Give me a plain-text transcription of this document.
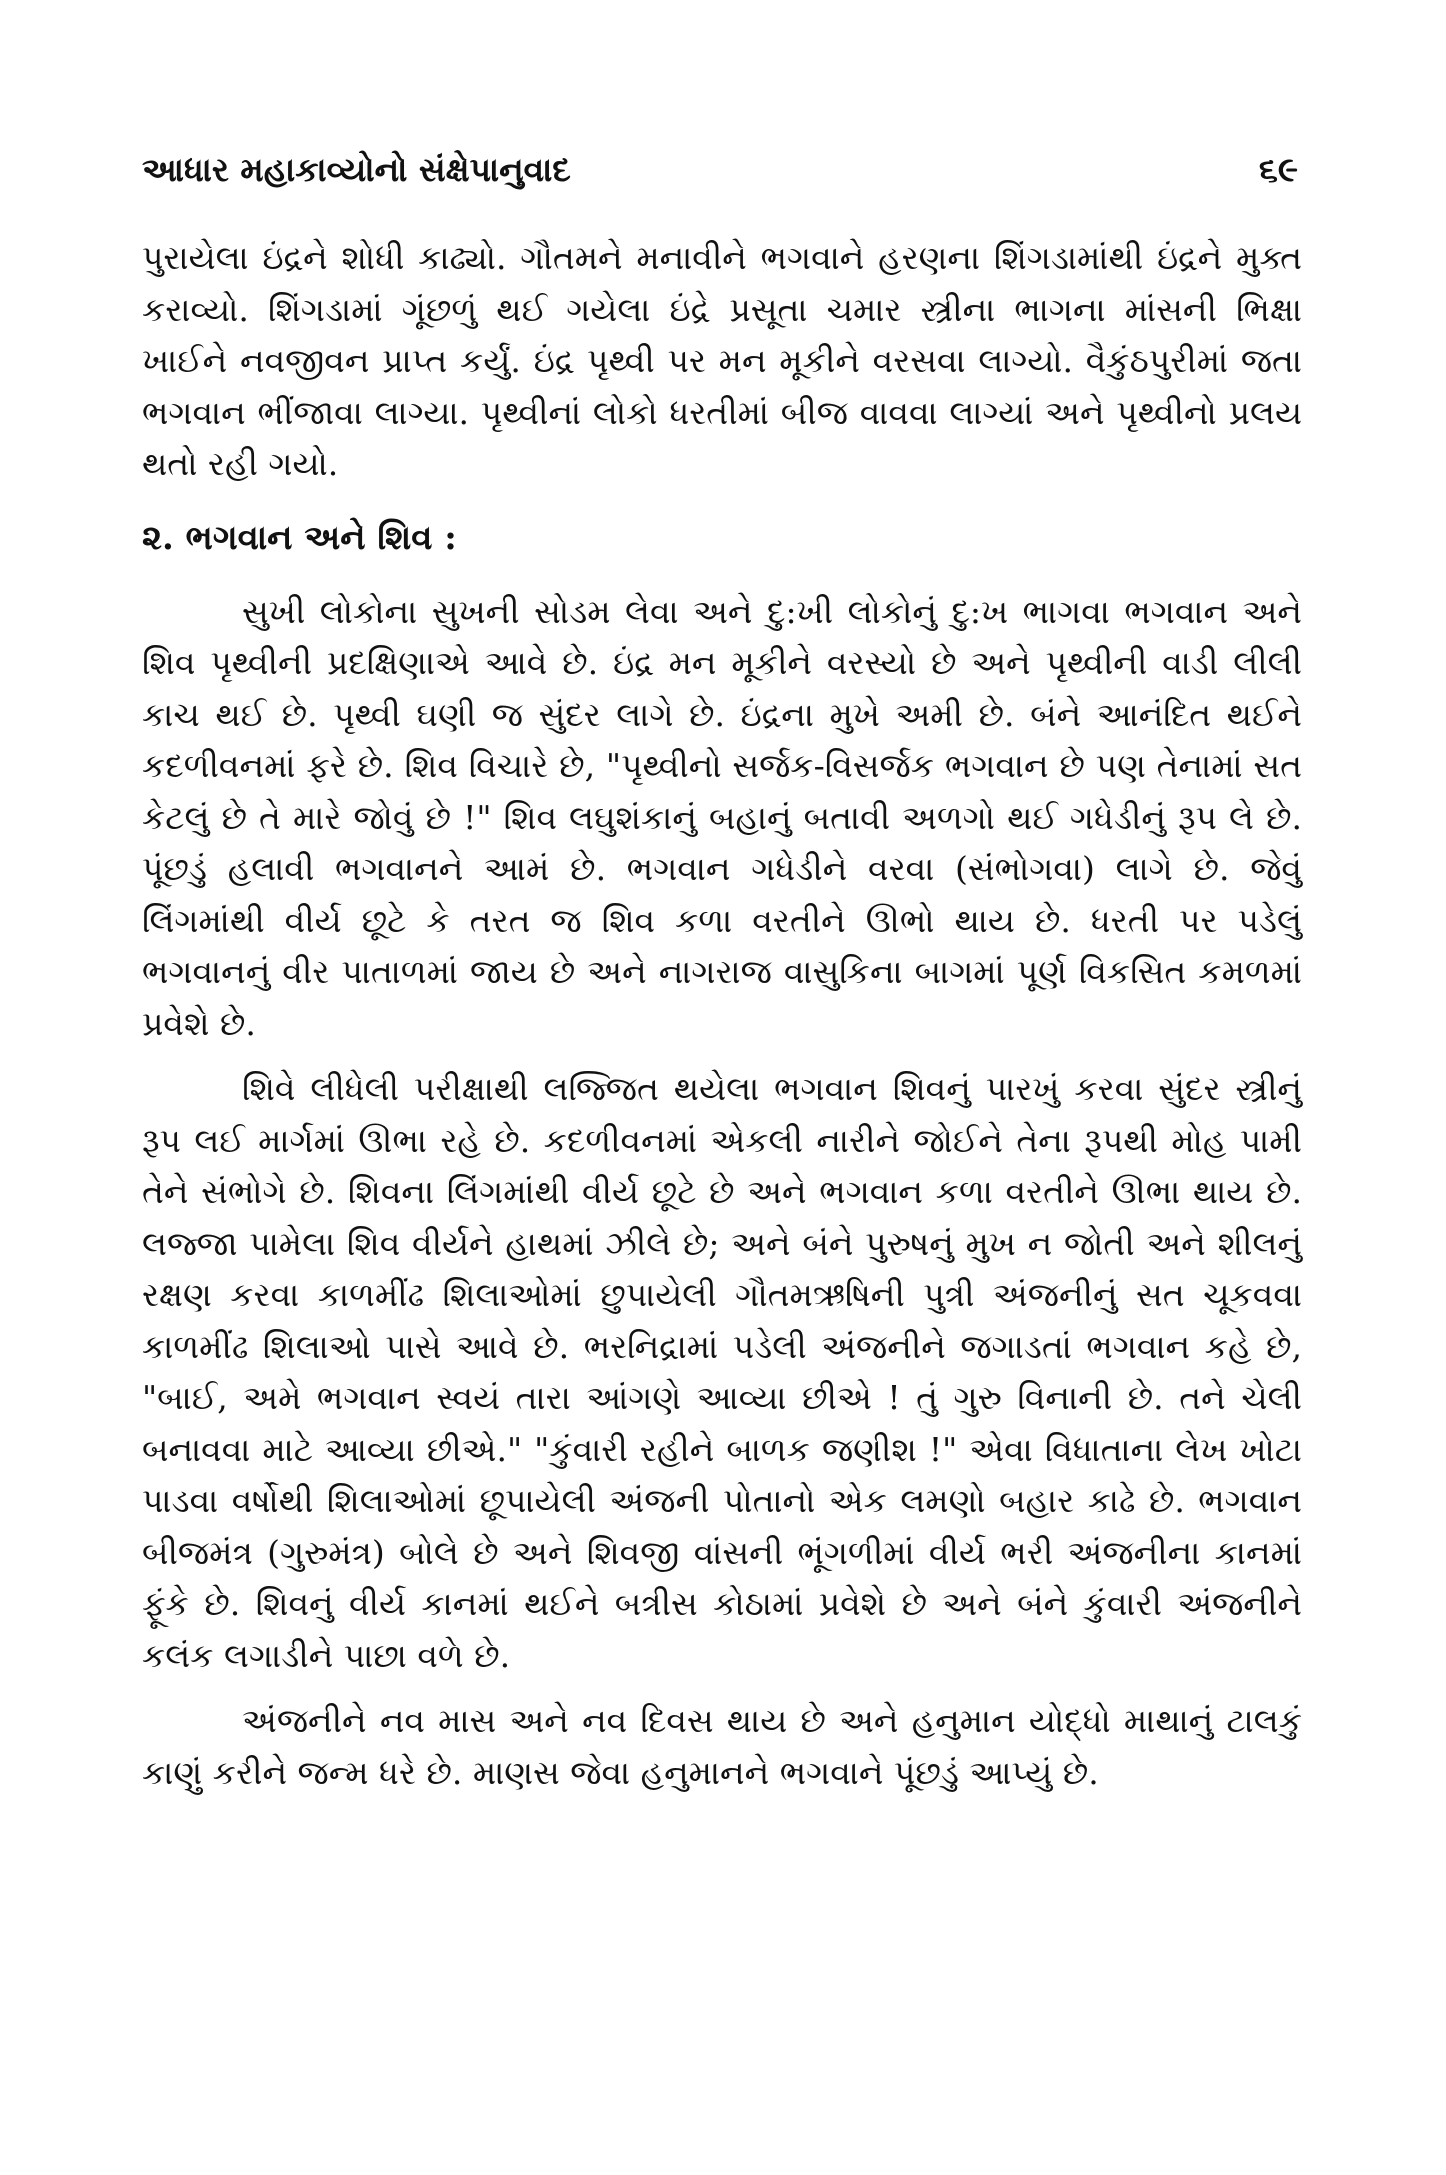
આધાર મહાકાવ્યોનો સંક્ષેપાનુવાદ	૬૯

પુરાયેલા ઇંદ્રને શોધી કાઢ્યો. ગૌતમને મનાવીને ભગવાને હરણના શિંગડામાંથી ઇંદ્રને મુક્ત કરાવ્યો. શિંગડામાં ગૂંછળું થઈ ગયેલા ઇંદ્રે પ્રસૂતા ચમાર સ્ત્રીના ભાગના માંસની ભિક્ષા ખાઈને નવજીવન પ્રાપ્ત કર્યું. ઇંદ્ર પૃથ્વી પર મન મૂકીને વરસવા લાગ્યો. વૈકુંઠપુરીમાં જતા ભગવાન ભીંજાવા લાગ્યા. પૃથ્વીનાં લોકો ધરતીમાં બીજ વાવવા લાગ્યાં અને પૃથ્વીનો પ્રલય થતો રહી ગયો.

૨. ભગવાન અને શિવ :

સુખી લોકોના સુખની સોડમ લેવા અને દુ:ખી લોકોનું દુ:ખ ભાગવા ભગવાન અને શિવ પૃથ્વીની પ્રદક્ષિણાએ આવે છે. ઇંદ્ર મન મૂકીને વરસ્યો છે અને પૃથ્વીની વાડી લીલી કાચ થઈ છે. પૃથ્વી ઘણી જ સુંદર લાગે છે. ઇંદ્રના મુખે અમી છે. બંને આનંદિત થઈને કદળીવનમાં ફરે છે. શિવ વિચારે છે, "પૃથ્વીનો સર્જક-વિસર્જક ભગવાન છે પણ તેનામાં સત કેટલું છે તે મારે જોવું છે !" શિવ લઘુશંકાનું બહાનું બતાવી અળગો થઈ ગધેડીનું રૂપ લે છે. પૂંછડું હલાવી ભગવાનને આમં છે. ભગવાન ગધેડીને વરવા (સંભોગવા) લાગે છે. જેવું લિંગમાંથી વીર્ય છૂટે કે તરત જ શિવ કળા વરતીને ઊભો થાય છે. ધરતી પર પડેલું ભગવાનનું વીર પાતાળમાં જાય છે અને નાગરાજ વાસુકિના બાગમાં પૂર્ણ વિકસિત કમળમાં પ્રવેશે છે.

શિવે લીધેલી પરીક્ષાથી લજ્જિત થયેલા ભગવાન શિવનું પારખું કરવા સુંદર સ્ત્રીનું રૂપ લઈ માર્ગમાં ઊભા રહે છે. કદળીવનમાં એકલી નારીને જોઈને તેના રૂપથી મોહ પામી તેને સંભોગે છે. શિવના લિંગમાંથી વીર્ય છૂટે છે અને ભગવાન કળા વરતીને ઊભા થાય છે. લજ્જા પામેલા શિવ વીર્યને હાથમાં ઝીલે છે; અને બંને પુરુષનું મુખ ન જોતી અને શીલનું રક્ષણ કરવા કાળમીંઢ શિલાઓમાં છુપાયેલી ગૌતમઋષિની પુત્રી અંજનીનું સત ચૂકવવા કાળમીંઢ શિલાઓ પાસે આવે છે. ભરનિદ્રામાં પડેલી અંજનીને જગાડતાં ભગવાન કહે છે, "બાઈ, અમે ભગવાન સ્વયં તારા આંગણે આવ્યા છીએ ! તું ગુરુ વિનાની છે. તને ચેલી બનાવવા માટે આવ્યા છીએ." "કુંવારી રહીને બાળક જણીશ !" એવા વિધાતાના લેખ ખોટા પાડવા વર્ષોથી શિલાઓમાં છૂપાયેલી અંજની પોતાનો એક લમણો બહાર કાઢે છે. ભગવાન બીજમંત્ર (ગુરુમંત્ર) બોલે છે અને શિવજી વાંસની ભૂંગળીમાં વીર્ય ભરી અંજનીના કાનમાં ફૂંકે છે. શિવનું વીર્ય કાનમાં થઈને બત્રીસ કોઠામાં પ્રવેશે છે અને બંને કુંવારી અંજનીને કલંક લગાડીને પાછા વળે છે.

અંજનીને નવ માસ અને નવ દિવસ થાય છે અને હનુમાન યોદ્ધો માથાનું ટાલકું કાણું કરીને જન્મ ધરે છે. માણસ જેવા હનુમાનને ભગવાને પૂંછડું આપ્યું છે.
